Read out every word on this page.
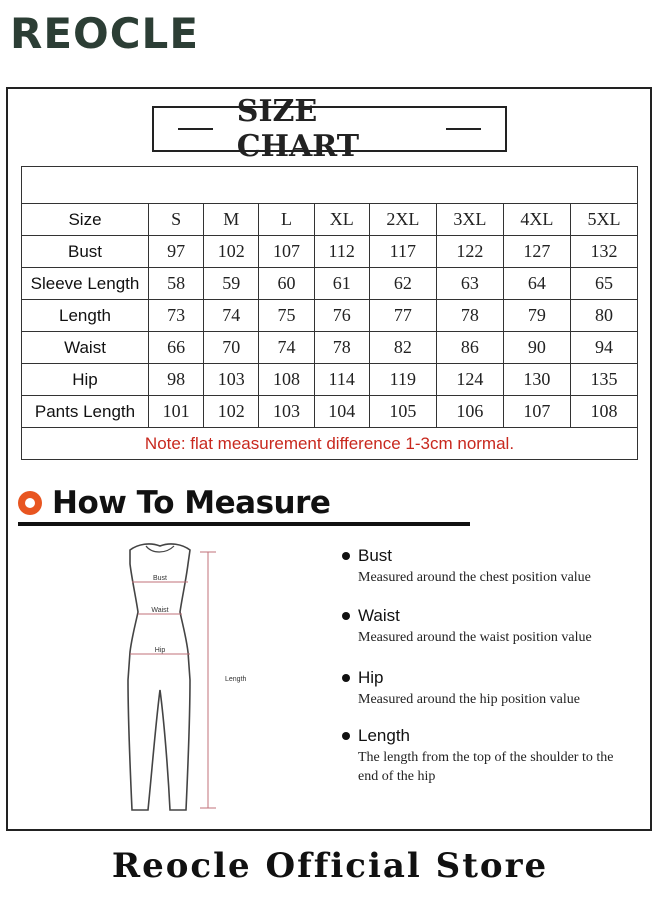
REOCLE
SIZE CHART

Size	S	M	L	XL	2XL	3XL	4XL	5XL
Bust	97	102	107	112	117	122	127	132
Sleeve Length	58	59	60	61	62	63	64	65
Length	73	74	75	76	77	78	79	80
Waist	66	70	74	78	82	86	90	94
Hip	98	103	108	114	119	124	130	135
Pants Length	101	102	103	104	105	106	107	108
Note: flat measurement difference 1-3cm normal.								
How To Measure
Bust
Waist
Hip
Length
Bust
Measured around the chest position value
Waist
Measured around the waist position value
Hip
Measured around the hip position value
Length
The length from the top of the shoulder to the end of the hip
Reocle Official Store
